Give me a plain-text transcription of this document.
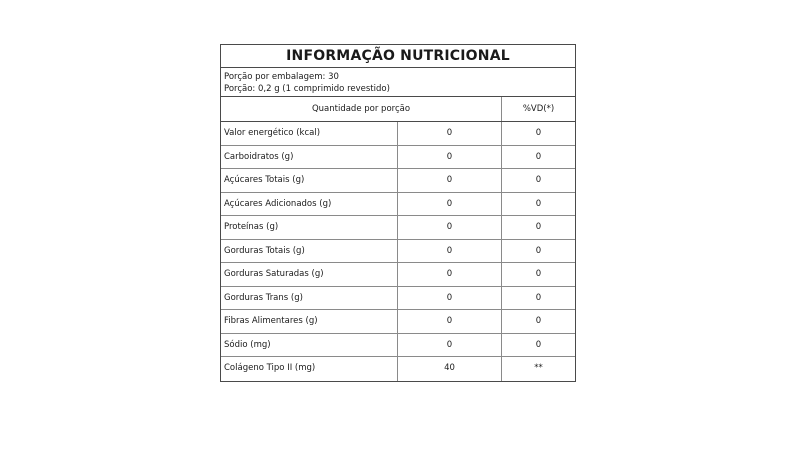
INFORMAÇÃO NUTRICIONAL
Porção por embalagem: 30
Porção: 0,2 g (1 comprimido revestido)
Quantidade por porção	%VD(*)
Valor energético (kcal)	0	0
Carboidratos (g)	0	0
Açúcares Totais (g)	0	0
Açúcares Adicionados (g)	0	0
Proteínas (g)	0	0
Gorduras Totais (g)	0	0
Gorduras Saturadas (g)	0	0
Gorduras Trans (g)	0	0
Fibras Alimentares (g)	0	0
Sódio (mg)	0	0
Colágeno Tipo II (mg)	40	**
